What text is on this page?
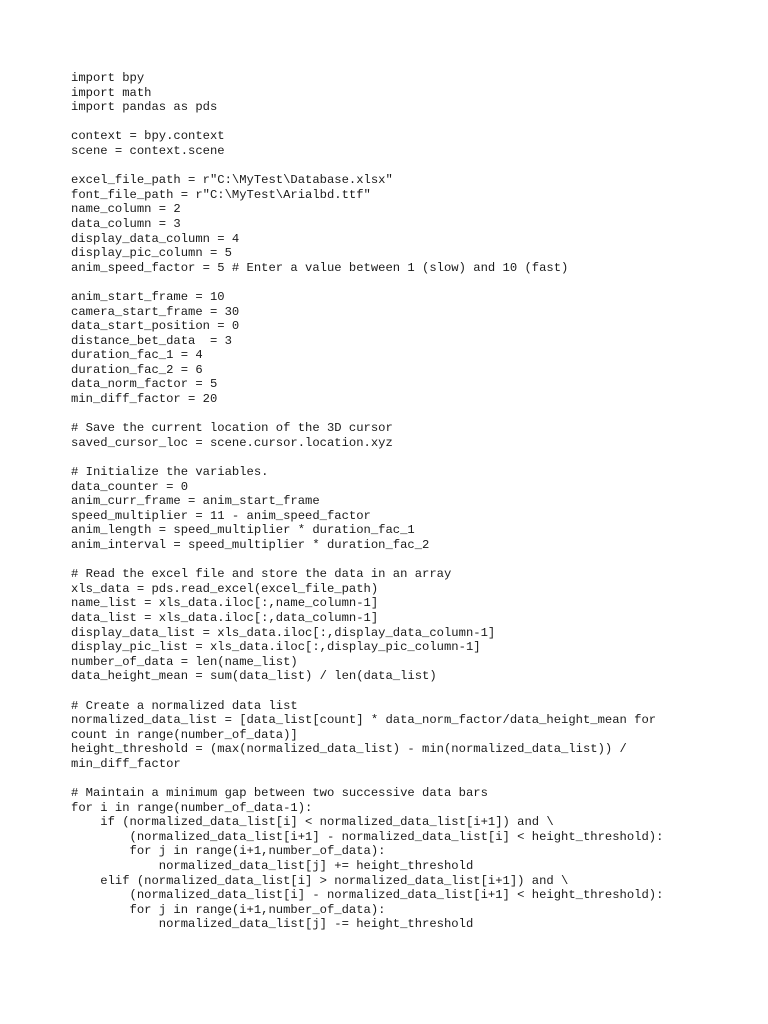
import bpy
import math
import pandas as pds
context = bpy.context
scene = context.scene
excel_file_path = r"C:\MyTest\Database.xlsx"
font_file_path = r"C:\MyTest\Arialbd.ttf"
name_column = 2
data_column = 3
display_data_column = 4
display_pic_column = 5
anim_speed_factor = 5 # Enter a value between 1 (slow) and 10 (fast)
anim_start_frame = 10
camera_start_frame = 30
data_start_position = 0
distance_bet_data  = 3
duration_fac_1 = 4
duration_fac_2 = 6
data_norm_factor = 5
min_diff_factor = 20
# Save the current location of the 3D cursor
saved_cursor_loc = scene.cursor.location.xyz
# Initialize the variables.
data_counter = 0
anim_curr_frame = anim_start_frame
speed_multiplier = 11 - anim_speed_factor
anim_length = speed_multiplier * duration_fac_1
anim_interval = speed_multiplier * duration_fac_2
# Read the excel file and store the data in an array
xls_data = pds.read_excel(excel_file_path)
name_list = xls_data.iloc[:,name_column-1]
data_list = xls_data.iloc[:,data_column-1]
display_data_list = xls_data.iloc[:,display_data_column-1]
display_pic_list = xls_data.iloc[:,display_pic_column-1]
number_of_data = len(name_list)
data_height_mean = sum(data_list) / len(data_list)
# Create a normalized data list
normalized_data_list = [data_list[count] * data_norm_factor/data_height_mean for
count in range(number_of_data)]
height_threshold = (max(normalized_data_list) - min(normalized_data_list)) /
min_diff_factor
# Maintain a minimum gap between two successive data bars
for i in range(number_of_data-1):
if (normalized_data_list[i] < normalized_data_list[i+1]) and \
(normalized_data_list[i+1] - normalized_data_list[i] < height_threshold):
for j in range(i+1,number_of_data):
normalized_data_list[j] += height_threshold
elif (normalized_data_list[i] > normalized_data_list[i+1]) and \
(normalized_data_list[i] - normalized_data_list[i+1] < height_threshold):
for j in range(i+1,number_of_data):
normalized_data_list[j] -= height_threshold
